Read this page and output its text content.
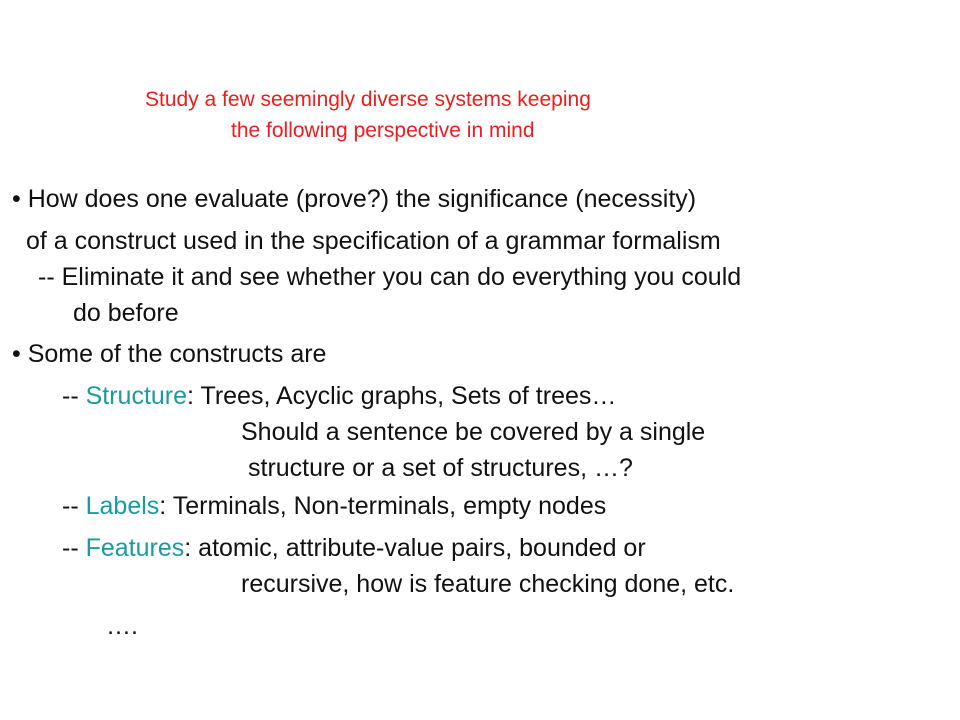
Study a few seemingly diverse systems keeping
the following perspective in mind
• How does one evaluate (prove?) the significance (necessity)
of a construct used in the specification of a grammar formalism
-- Eliminate it and see whether you can do everything you could
do before
• Some of the constructs are
-- Structure: Trees, Acyclic graphs, Sets of trees…
Should a sentence be covered by a single
structure or a set of structures, …?
-- Labels: Terminals, Non-terminals, empty nodes
-- Features: atomic, attribute-value pairs, bounded or
recursive, how is feature checking done, etc.
….
